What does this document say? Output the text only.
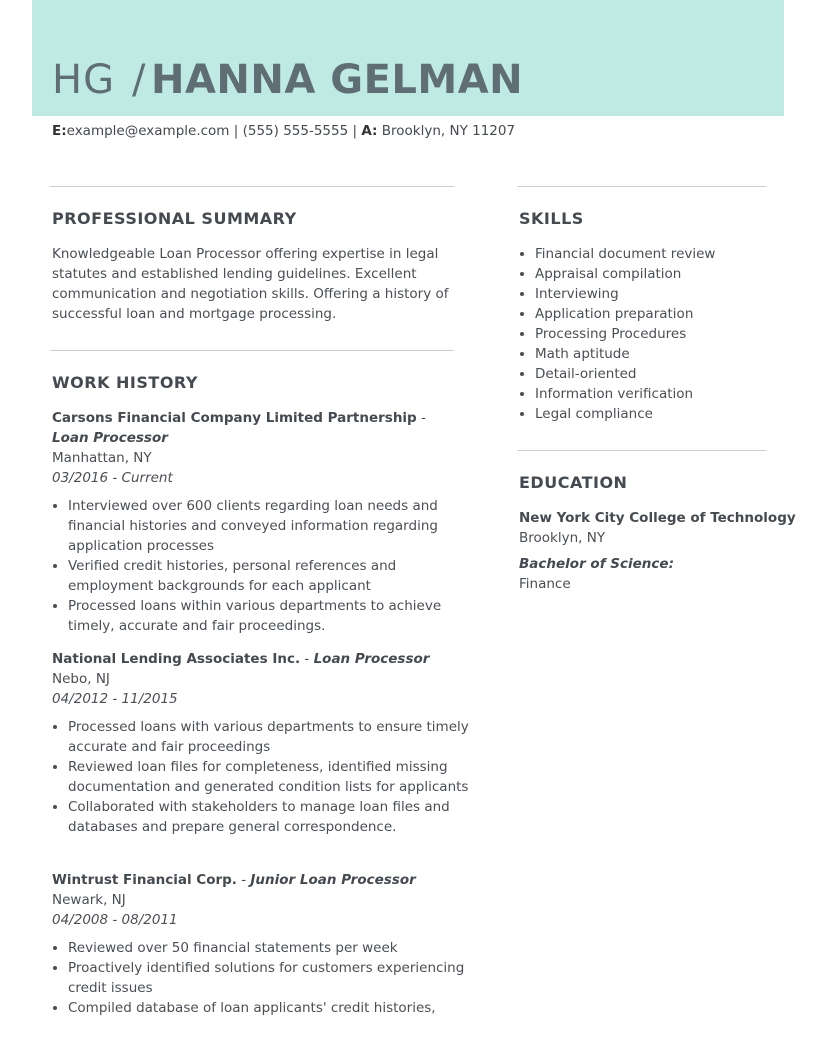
HG / HANNA GELMAN
E:example@example.com | (555) 555-5555 | A: Brooklyn, NY 11207
PROFESSIONAL SUMMARY

Knowledgeable Loan Processor offering expertise in legal statutes and established lending guidelines. Excellent communication and negotiation skills. Offering a history of successful loan and mortgage processing.

WORK HISTORY
Carsons Financial Company Limited Partnership - Loan Processor
Manhattan, NY
03/2016 - Current
• Interviewed over 600 clients regarding loan needs and financial histories and conveyed information regarding application processes
• Verified credit histories, personal references and employment backgrounds for each applicant
• Processed loans within various departments to achieve timely, accurate and fair proceedings.
National Lending Associates Inc. - Loan Processor
Nebo, NJ
04/2012 - 11/2015
• Processed loans with various departments to ensure timely accurate and fair proceedings
• Reviewed loan files for completeness, identified missing documentation and generated condition lists for applicants
• Collaborated with stakeholders to manage loan files and databases and prepare general correspondence.
Wintrust Financial Corp. - Junior Loan Processor
Newark, NJ
04/2008 - 08/2011
• Reviewed over 50 financial statements per week
• Proactively identified solutions for customers experiencing credit issues
• Compiled database of loan applicants' credit histories,
SKILLS
• Financial document review
• Appraisal compilation
• Interviewing
• Application preparation
• Processing Procedures
• Math aptitude
• Detail-oriented
• Information verification
• Legal compliance
EDUCATION
New York City College of Technology
Brooklyn, NY
Bachelor of Science:
Finance
